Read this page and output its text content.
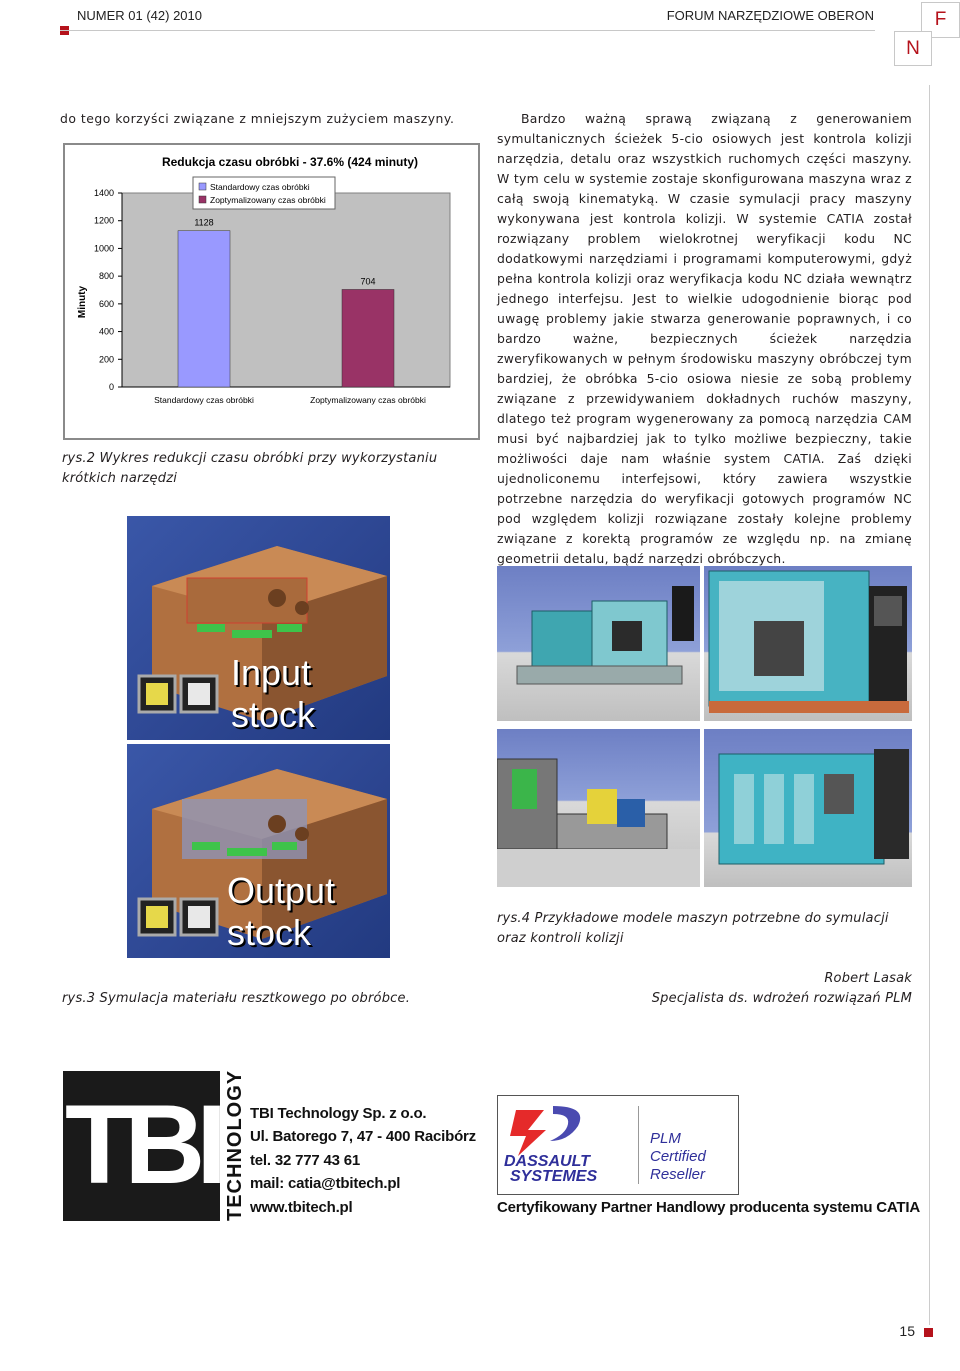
NUMER 01 (42) 2010	FORUM NARZĘDZIOWE OBERON	F
N
do tego korzyści związane z mniejszym zużyciem maszyny.
Redukcja czasu obróbki - 37.6% (424 minuty)
Standardowy czas obróbki
Zoptymalizowany czas obróbki
0
200
400
600
800
1000
1200
1400
Minuty
1128
Standardowy czas obróbki
704
Zoptymalizowany czas obróbki
rys.2 Wykres redukcji czasu obróbki przy wykorzystaniu krótkich narzędzi
Bardzo ważną sprawą związaną z generowaniem symultanicznych ścieżek 5-cio osiowych jest kontrola kolizji narzędzia, detalu oraz wszystkich ruchomych części maszyny. W tym celu w systemie zostaje skonfigurowana maszyna wraz z całą swoją kinematyką. W czasie symulacji pracy maszyny wykonywana jest kontrola kolizji. W systemie CATIA został rozwiązany problem wielokrotnej weryfikacji kodu NC dodatkowymi narzędziami i programami komputerowymi, gdyż pełna kontrola kolizji oraz weryfikacja kodu NC działa wewnątrz jednego interfejsu. Jest to wielkie udogodnienie biorąc pod uwagę problemy jakie stwarza generowanie poprawnych, i co bardzo ważne, bezpiecznych ścieżek narzędzia zweryfikowanych w pełnym środowisku maszyny obróbczej tym bardziej, że obróbka 5-cio osiowa niesie ze sobą problemy związane z przewidywaniem dokładnych ruchów maszyny, dlatego też program wygenerowany za pomocą narzędzia CAM musi być najbardziej jak to tylko możliwe bezpieczny, takie możliwości daje nam właśnie system CATIA. Zaś dzięki ujednoliconemu interfejsowi, który zawiera wszystkie potrzebne narzędzia do weryfikacji gotowych programów NC pod względem kolizji rozwiązane zostały kolejne problemy związane z korektą programów ze względu np. na zmianę geometrii detalu, bądź narzędzi obróbczych.
Input
stock
Output
stock
rys.3 Symulacja materiału resztkowego po obróbce.
rys.4 Przykładowe modele maszyn potrzebne do symulacji oraz kontroli kolizji
Robert Lasak
Specjalista ds. wdrożeń rozwiązań PLM
TBI TECHNOLOGY TBI Technology Sp. z o.o.
Ul. Batorego 7, 47 - 400 Racibórz
tel. 32 777 43 61
mail: catia@tbitech.pl
www.tbitech.pl
DASSAULT
SYSTEMES
PLM
Certified
Reseller
Certyfikowany Partner Handlowy producenta systemu CATIA
15
